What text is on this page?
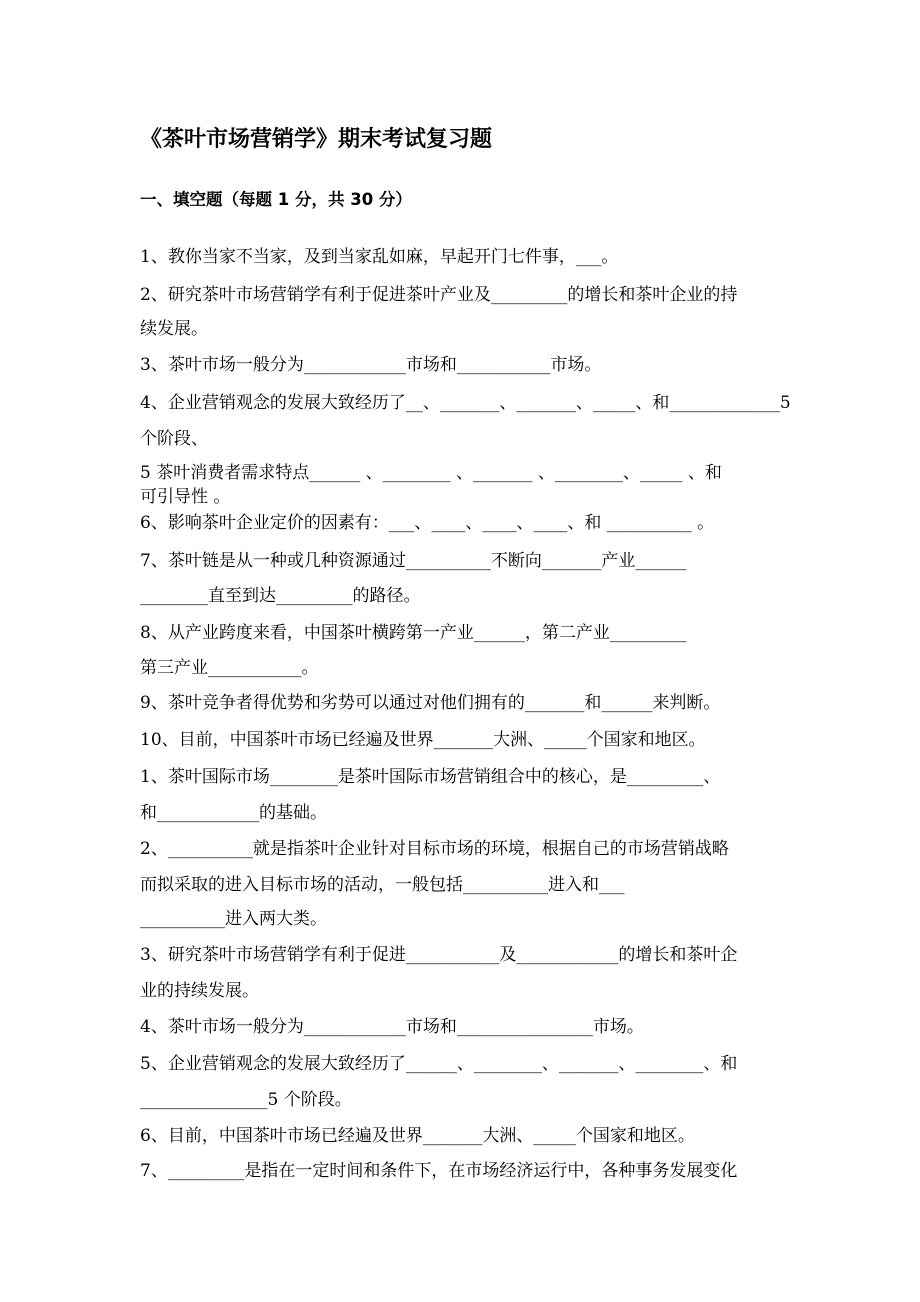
《茶叶市场营销学》期末考试复习题
一、填空题（每题 1 分，共 30 分）
1、教你当家不当家，及到当家乱如麻，早起开门七件事，___。
2、研究茶叶市场营销学有利于促进茶叶产业及_________的增长和茶叶企业的持
续发展。
3、茶叶市场一般分为____________市场和___________市场。
4、企业营销观念的发展大致经历了__、_______、_______、_____、和_____________5
个阶段、
5 茶叶消费者需求特点______ 、________ 、_______ 、________、_____ 、和
可引导性 。
6、影响茶叶企业定价的因素有：___、____、____、____、和 __________ 。
7、茶叶链是从一种或几种资源通过__________不断向_______产业______
________直至到达_________的路径。
8、从产业跨度来看，中国茶叶横跨第一产业______，第二产业_________
第三产业___________。
9、茶叶竞争者得优势和劣势可以通过对他们拥有的_______和______来判断。
10、目前，中国茶叶市场已经遍及世界_______大洲、_____个国家和地区。
1、茶叶国际市场________是茶叶国际市场营销组合中的核心，是_________、
和____________的基础。
2、__________就是指茶叶企业针对目标市场的环境，根据自己的市场营销战略
而拟采取的进入目标市场的活动，一般包括__________进入和___
__________进入两大类。
3、研究茶叶市场营销学有利于促进___________及____________的增长和茶叶企
业的持续发展。
4、茶叶市场一般分为____________市场和________________市场。
5、企业营销观念的发展大致经历了______、________、_______、________、和
_______________5 个阶段。
6、目前，中国茶叶市场已经遍及世界_______大洲、_____个国家和地区。
7、_________是指在一定时间和条件下，在市场经济运行中，各种事务发展变化
